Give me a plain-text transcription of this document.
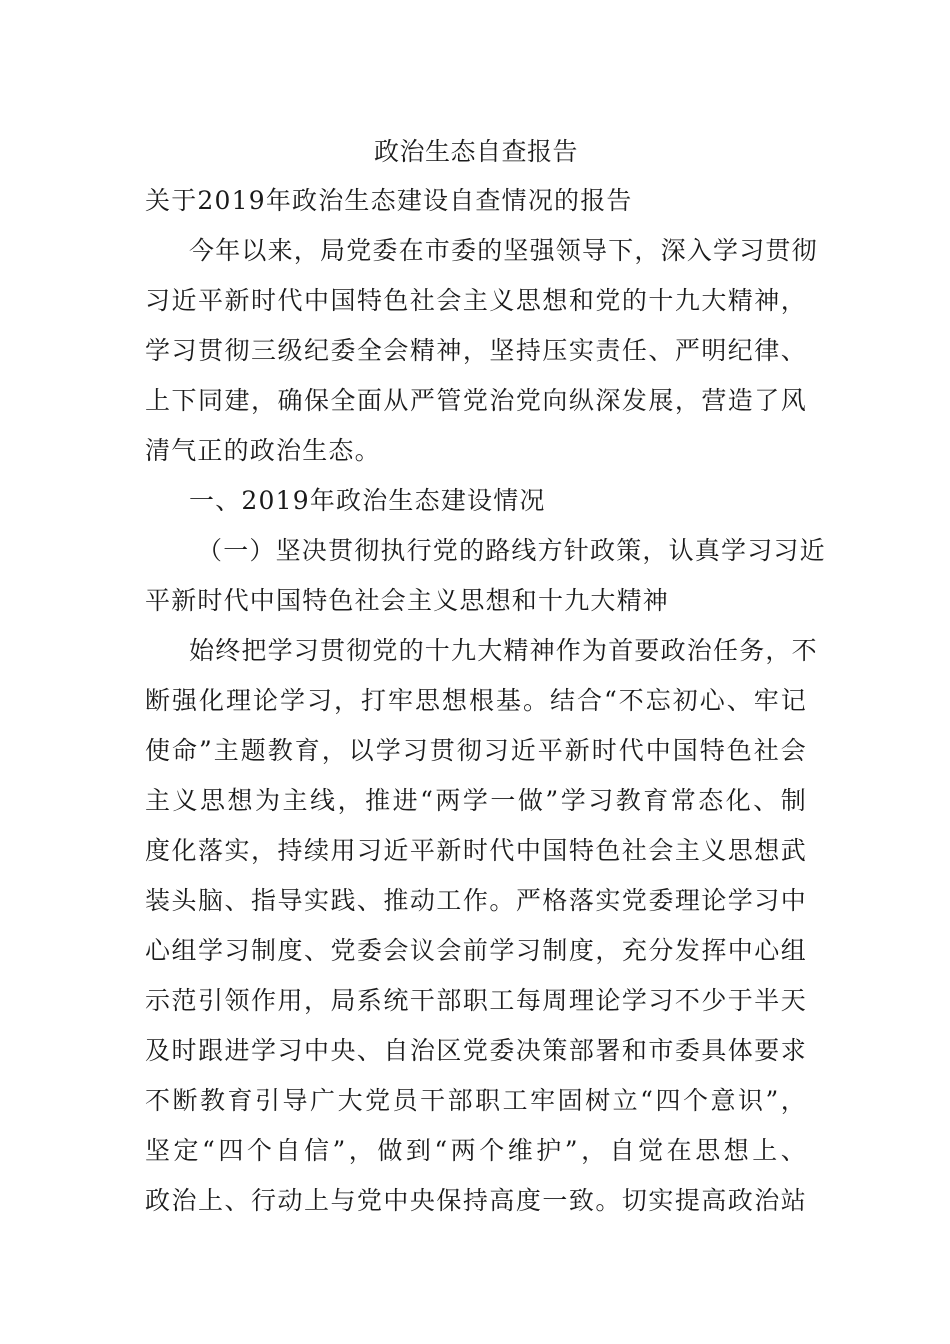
政治生态自查报告
关于2019年政治生态建设自查情况的报告
今年以来，局党委在市委的坚强领导下，深入学习贯彻
习近平新时代中国特色社会主义思想和党的十九大精神，
学习贯彻三级纪委全会精神，坚持压实责任、严明纪律、
上下同建，确保全面从严管党治党向纵深发展，营造了风
清气正的政治生态。
一、2019年政治生态建设情况
（一）坚决贯彻执行党的路线方针政策，认真学习习近
平新时代中国特色社会主义思想和十九大精神
始终把学习贯彻党的十九大精神作为首要政治任务，不
断强化理论学习，打牢思想根基。结合“不忘初心、牢记
使命”主题教育，以学习贯彻习近平新时代中国特色社会
主义思想为主线，推进“两学一做”学习教育常态化、制
度化落实，持续用习近平新时代中国特色社会主义思想武
装头脑、指导实践、推动工作。严格落实党委理论学习中
心组学习制度、党委会议会前学习制度，充分发挥中心组
示范引领作用，局系统干部职工每周理论学习不少于半天
及时跟进学习中央、自治区党委决策部署和市委具体要求
不断教育引导广大党员干部职工牢固树立“四个意识”，
坚定“四个自信”，做到“两个维护”，自觉在思想上、
政治上、行动上与党中央保持高度一致。切实提高政治站
